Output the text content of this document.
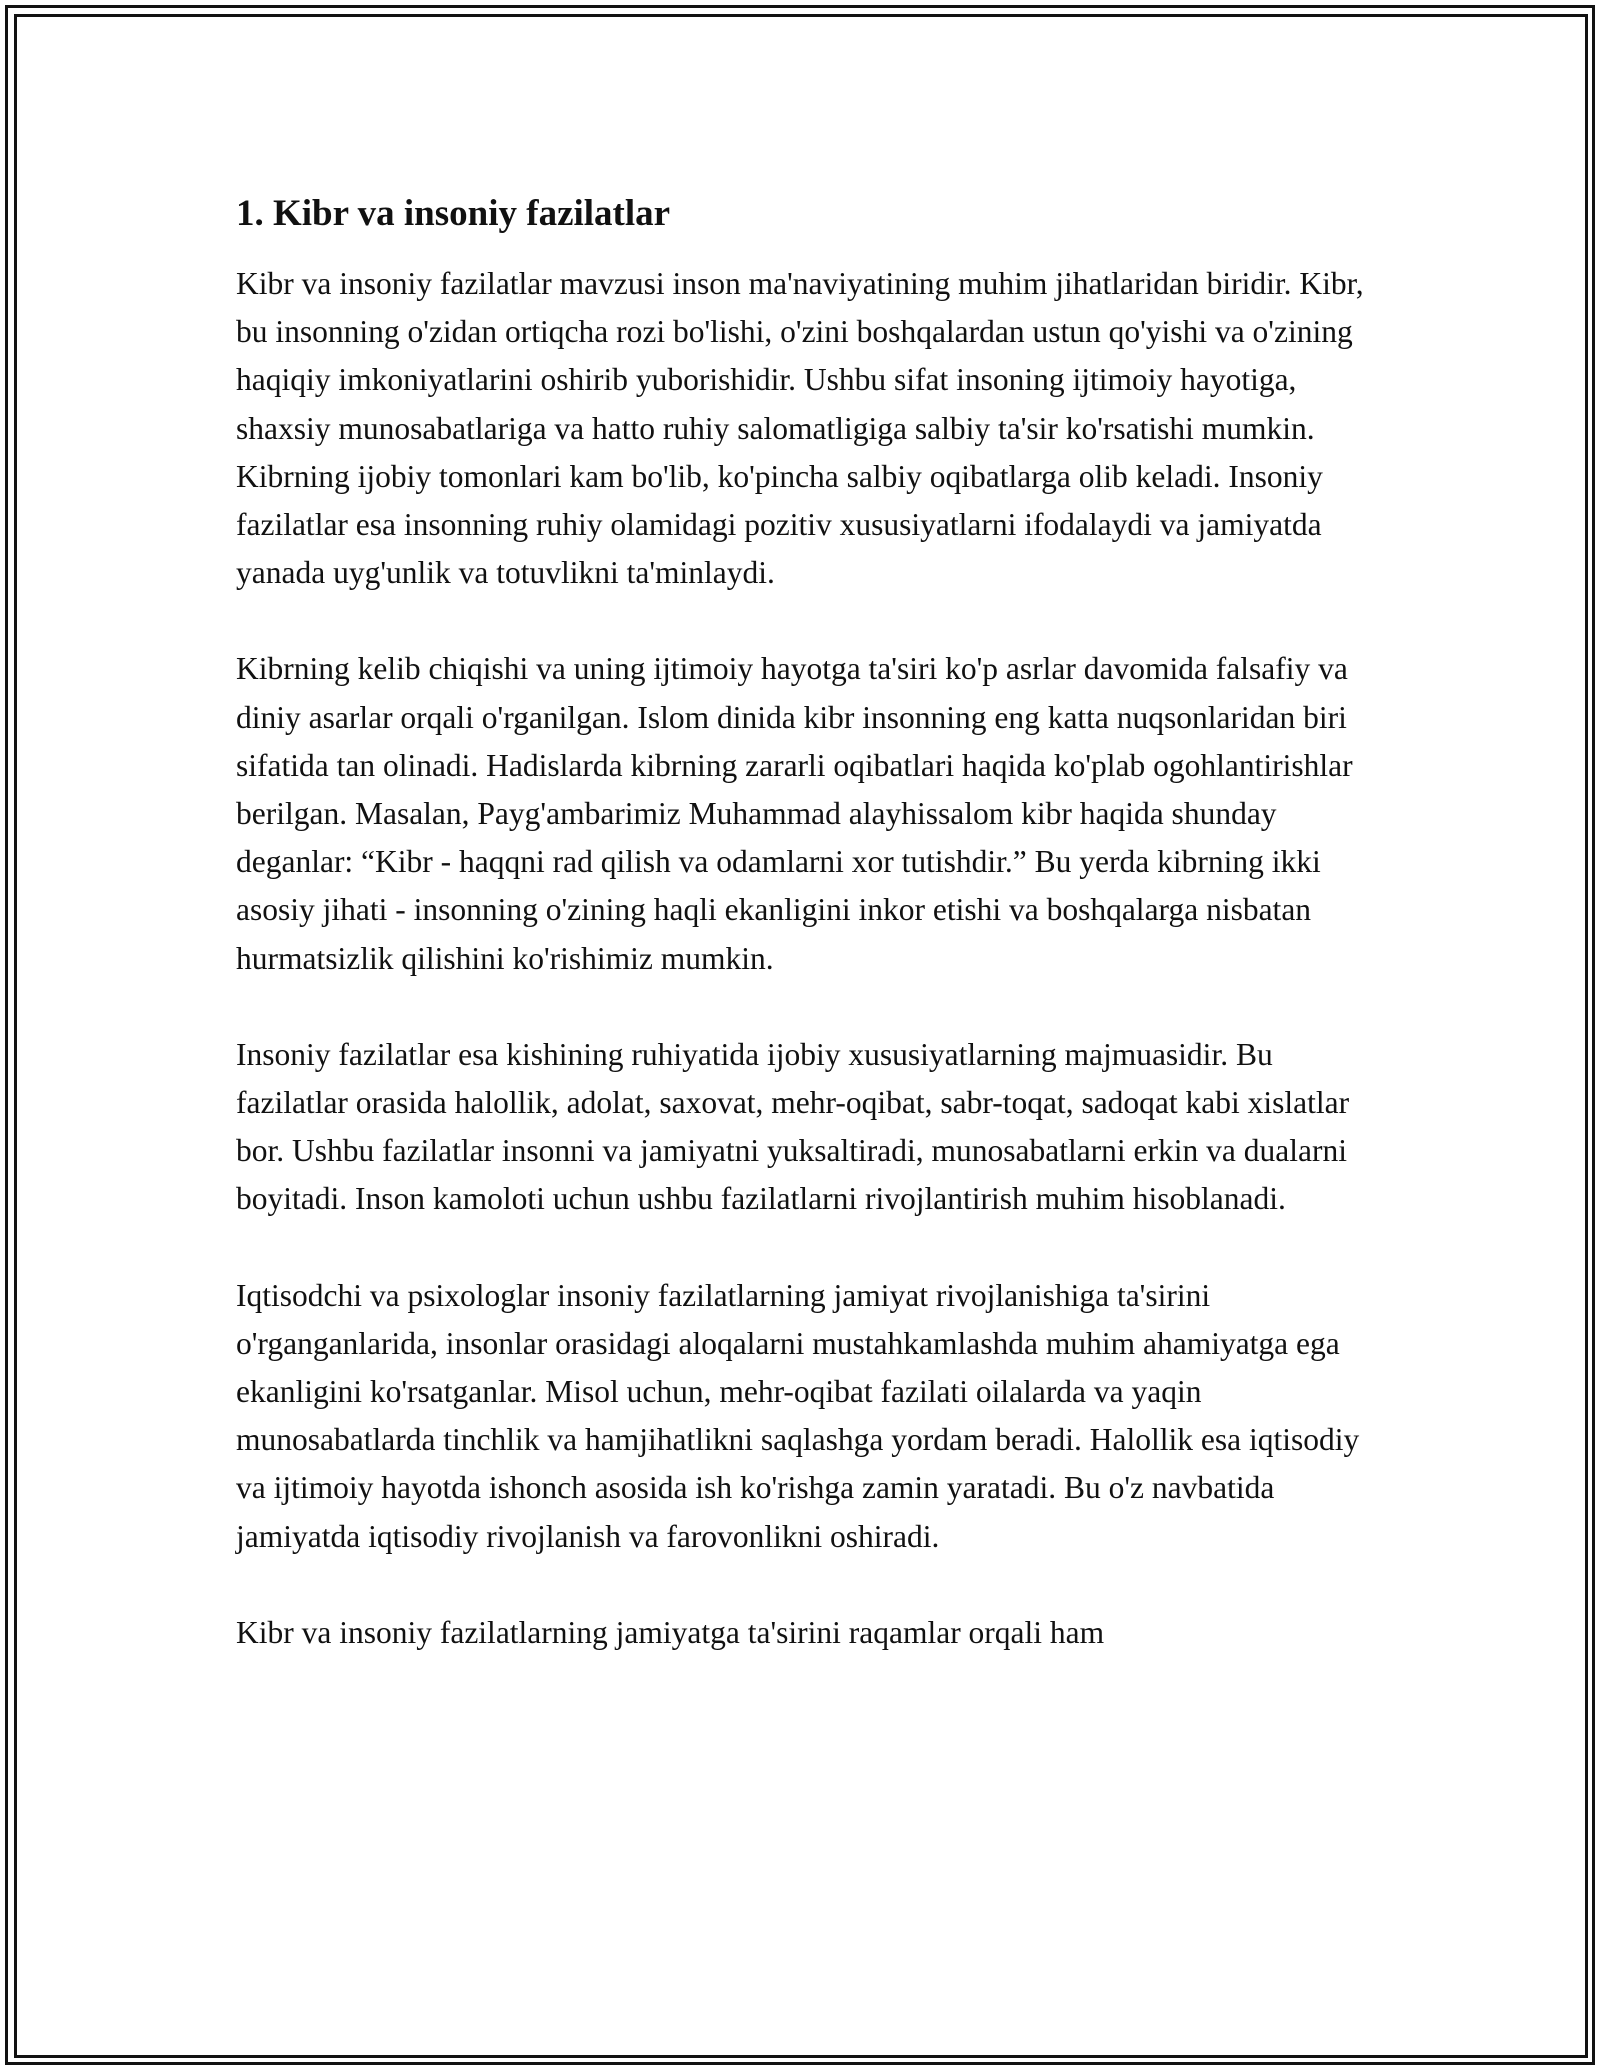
1. Kibr va insoniy fazilatlar

Kibr va insoniy fazilatlar mavzusi inson ma'naviyatining muhim jihatlaridan biridir. Kibr, bu insonning o'zidan ortiqcha rozi bo'lishi, o'zini boshqalardan ustun qo'yishi va o'zining haqiqiy imkoniyatlarini oshirib yuborishidir. Ushbu sifat insoning ijtimoiy hayotiga, shaxsiy munosabatlariga va hatto ruhiy salomatligiga salbiy ta'sir ko'rsatishi mumkin. Kibrning ijobiy tomonlari kam bo'lib, ko'pincha salbiy oqibatlarga olib keladi. Insoniy fazilatlar esa insonning ruhiy olamidagi pozitiv xususiyatlarni ifodalaydi va jamiyatda yanada uyg'unlik va totuvlikni ta'minlaydi.

Kibrning kelib chiqishi va uning ijtimoiy hayotga ta'siri ko'p asrlar davomida falsafiy va diniy asarlar orqali o'rganilgan. Islom dinida kibr insonning eng katta nuqsonlaridan biri sifatida tan olinadi. Hadislarda kibrning zararli oqibatlari haqida ko'plab ogohlantirishlar berilgan. Masalan, Payg'ambarimiz Muhammad alayhissalom kibr haqida shunday deganlar: “Kibr - haqqni rad qilish va odamlarni xor tutishdir.” Bu yerda kibrning ikki asosiy jihati - insonning o'zining haqli ekanligini inkor etishi va boshqalarga nisbatan hurmatsizlik qilishini ko'rishimiz mumkin.

Insoniy fazilatlar esa kishining ruhiyatida ijobiy xususiyatlarning majmuasidir. Bu fazilatlar orasida halollik, adolat, saxovat, mehr-oqibat, sabr-toqat, sadoqat kabi xislatlar bor. Ushbu fazilatlar insonni va jamiyatni yuksaltiradi, munosabatlarni erkin va dualarni boyitadi. Inson kamoloti uchun ushbu fazilatlarni rivojlantirish muhim hisoblanadi.

Iqtisodchi va psixologlar insoniy fazilatlarning jamiyat rivojlanishiga ta'sirini o'rganganlarida, insonlar orasidagi aloqalarni mustahkamlashda muhim ahamiyatga ega ekanligini ko'rsatganlar. Misol uchun, mehr-oqibat fazilati oilalarda va yaqin munosabatlarda tinchlik va hamjihatlikni saqlashga yordam beradi. Halollik esa iqtisodiy va ijtimoiy hayotda ishonch asosida ish ko'rishga zamin yaratadi. Bu o'z navbatida jamiyatda iqtisodiy rivojlanish va farovonlikni oshiradi.

Kibr va insoniy fazilatlarning jamiyatga ta'sirini raqamlar orqali ham
